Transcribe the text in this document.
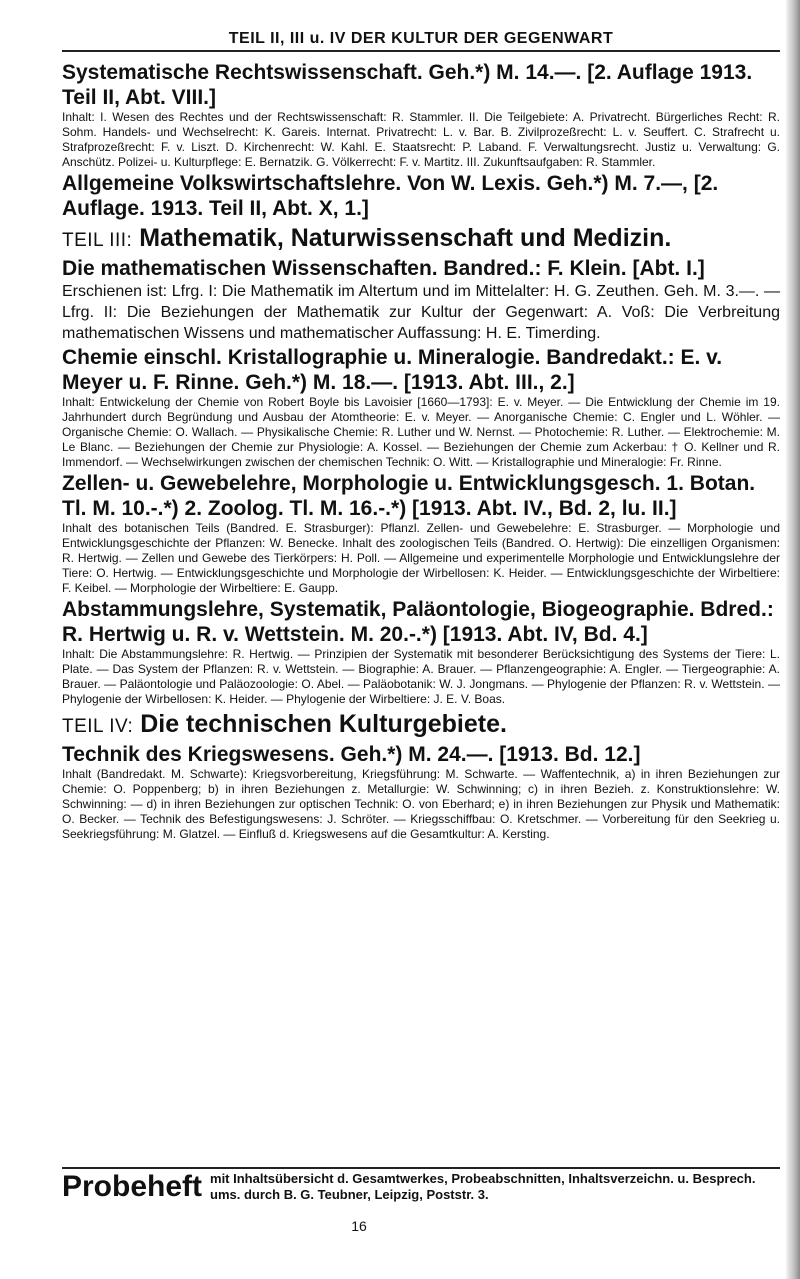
TEIL II, III u. IV DER KULTUR DER GEGENWART

Systematische Rechtswissenschaft. Geh.*) M. 14.—. [2. Auflage 1913. Teil II, Abt. VIII.]

Inhalt: I. Wesen des Rechtes und der Rechtswissenschaft: R. Stammler. II. Die Teilgebiete: A. Privatrecht. Bürgerliches Recht: R. Sohm. Handels- und Wechselrecht: K. Gareis. Internat. Privatrecht: L. v. Bar. B. Zivilprozeßrecht: L. v. Seuffert. C. Strafrecht u. Strafprozeßrecht: F. v. Liszt. D. Kirchenrecht: W. Kahl. E. Staatsrecht: P. Laband. F. Verwaltungsrecht. Justiz u. Verwaltung: G. Anschütz. Polizei- u. Kulturpflege: E. Bernatzik. G. Völkerrecht: F. v. Martitz. III. Zukunftsaufgaben: R. Stammler.

Allgemeine Volkswirtschaftslehre. Von W. Lexis. Geh.*) M. 7.—, [2. Auflage. 1913. Teil II, Abt. X, 1.]

TEIL III: Mathematik, Naturwissenschaft und Medizin.

Die mathematischen Wissenschaften. Bandred.: F. Klein. [Abt. I.]

Erschienen ist: Lfrg. I: Die Mathematik im Altertum und im Mittelalter: H. G. Zeuthen. Geh. M. 3.—. — Lfrg. II: Die Beziehungen der Mathematik zur Kultur der Gegenwart: A. Voß: Die Verbreitung mathematischen Wissens und mathematischer Auffassung: H. E. Timerding.

Chemie einschl. Kristallographie u. Mineralogie. Bandredakt.: E. v. Meyer u. F. Rinne. Geh.*) M. 18.—. [1913. Abt. III., 2.]

Inhalt: Entwickelung der Chemie von Robert Boyle bis Lavoisier [1660—1793]: E. v. Meyer. — Die Entwicklung der Chemie im 19. Jahrhundert durch Begründung und Ausbau der Atomtheorie: E. v. Meyer. — Anorganische Chemie: C. Engler und L. Wöhler. — Organische Chemie: O. Wallach. — Physikalische Chemie: R. Luther und W. Nernst. — Photochemie: R. Luther. — Elektrochemie: M. Le Blanc. — Beziehungen der Chemie zur Physiologie: A. Kossel. — Beziehungen der Chemie zum Ackerbau: † O. Kellner und R. Immendorf. — Wechselwirkungen zwischen der chemischen Technik: O. Witt. — Kristallographie und Mineralogie: Fr. Rinne.

Zellen- u. Gewebelehre, Morphologie u. Entwicklungsgesch. 1. Botan. Tl. M. 10.-.*) 2. Zoolog. Tl. M. 16.-.*) [1913. Abt. IV., Bd. 2, lu. II.]

Inhalt des botanischen Teils (Bandred. E. Strasburger): Pflanzl. Zellen- und Gewebelehre: E. Strasburger. — Morphologie und Entwicklungsgeschichte der Pflanzen: W. Benecke. Inhalt des zoologischen Teils (Bandred. O. Hertwig): Die einzelligen Organismen: R. Hertwig. — Zellen und Gewebe des Tierkörpers: H. Poll. — Allgemeine und experimentelle Morphologie und Entwicklungslehre der Tiere: O. Hertwig. — Entwicklungsgeschichte und Morphologie der Wirbellosen: K. Heider. — Entwicklungsgeschichte der Wirbeltiere: F. Keibel. — Morphologie der Wirbeltiere: E. Gaupp.

Abstammungslehre, Systematik, Paläontologie, Biogeographie. Bdred.: R. Hertwig u. R. v. Wettstein. M. 20.-.*) [1913. Abt. IV, Bd. 4.]

Inhalt: Die Abstammungslehre: R. Hertwig. — Prinzipien der Systematik mit besonderer Berücksichtigung des Systems der Tiere: L. Plate. — Das System der Pflanzen: R. v. Wettstein. — Biographie: A. Brauer. — Pflanzengeographie: A. Engler. — Tiergeographie: A. Brauer. — Paläontologie und Paläozoologie: O. Abel. — Paläobotanik: W. J. Jongmans. — Phylogenie der Pflanzen: R. v. Wettstein. — Phylogenie der Wirbellosen: K. Heider. — Phylogenie der Wirbeltiere: J. E. V. Boas.

TEIL IV: Die technischen Kulturgebiete.

Technik des Kriegswesens. Geh.*) M. 24.—. [1913. Bd. 12.]

Inhalt (Bandredakt. M. Schwarte): Kriegsvorbereitung, Kriegsführung: M. Schwarte. — Waffentechnik, a) in ihren Beziehungen zur Chemie: O. Poppenberg; b) in ihren Beziehungen z. Metallurgie: W. Schwinning; c) in ihren Bezieh. z. Konstruktionslehre: W. Schwinning: — d) in ihren Beziehungen zur optischen Technik: O. von Eberhard; e) in ihren Beziehungen zur Physik und Mathematik: O. Becker. — Technik des Befestigungswesens: J. Schröter. — Kriegsschiffbau: O. Kretschmer. — Vorbereitung für den Seekrieg u. Seekriegsführung: M. Glatzel. — Einfluß d. Kriegswesens auf die Gesamtkultur: A. Kersting.

Probeheft mit Inhaltsübersicht d. Gesamtwerkes, Probeabschnitten, Inhaltsverzeichn. u. Besprech. ums. durch B. G. Teubner, Leipzig, Poststr. 3.
16
